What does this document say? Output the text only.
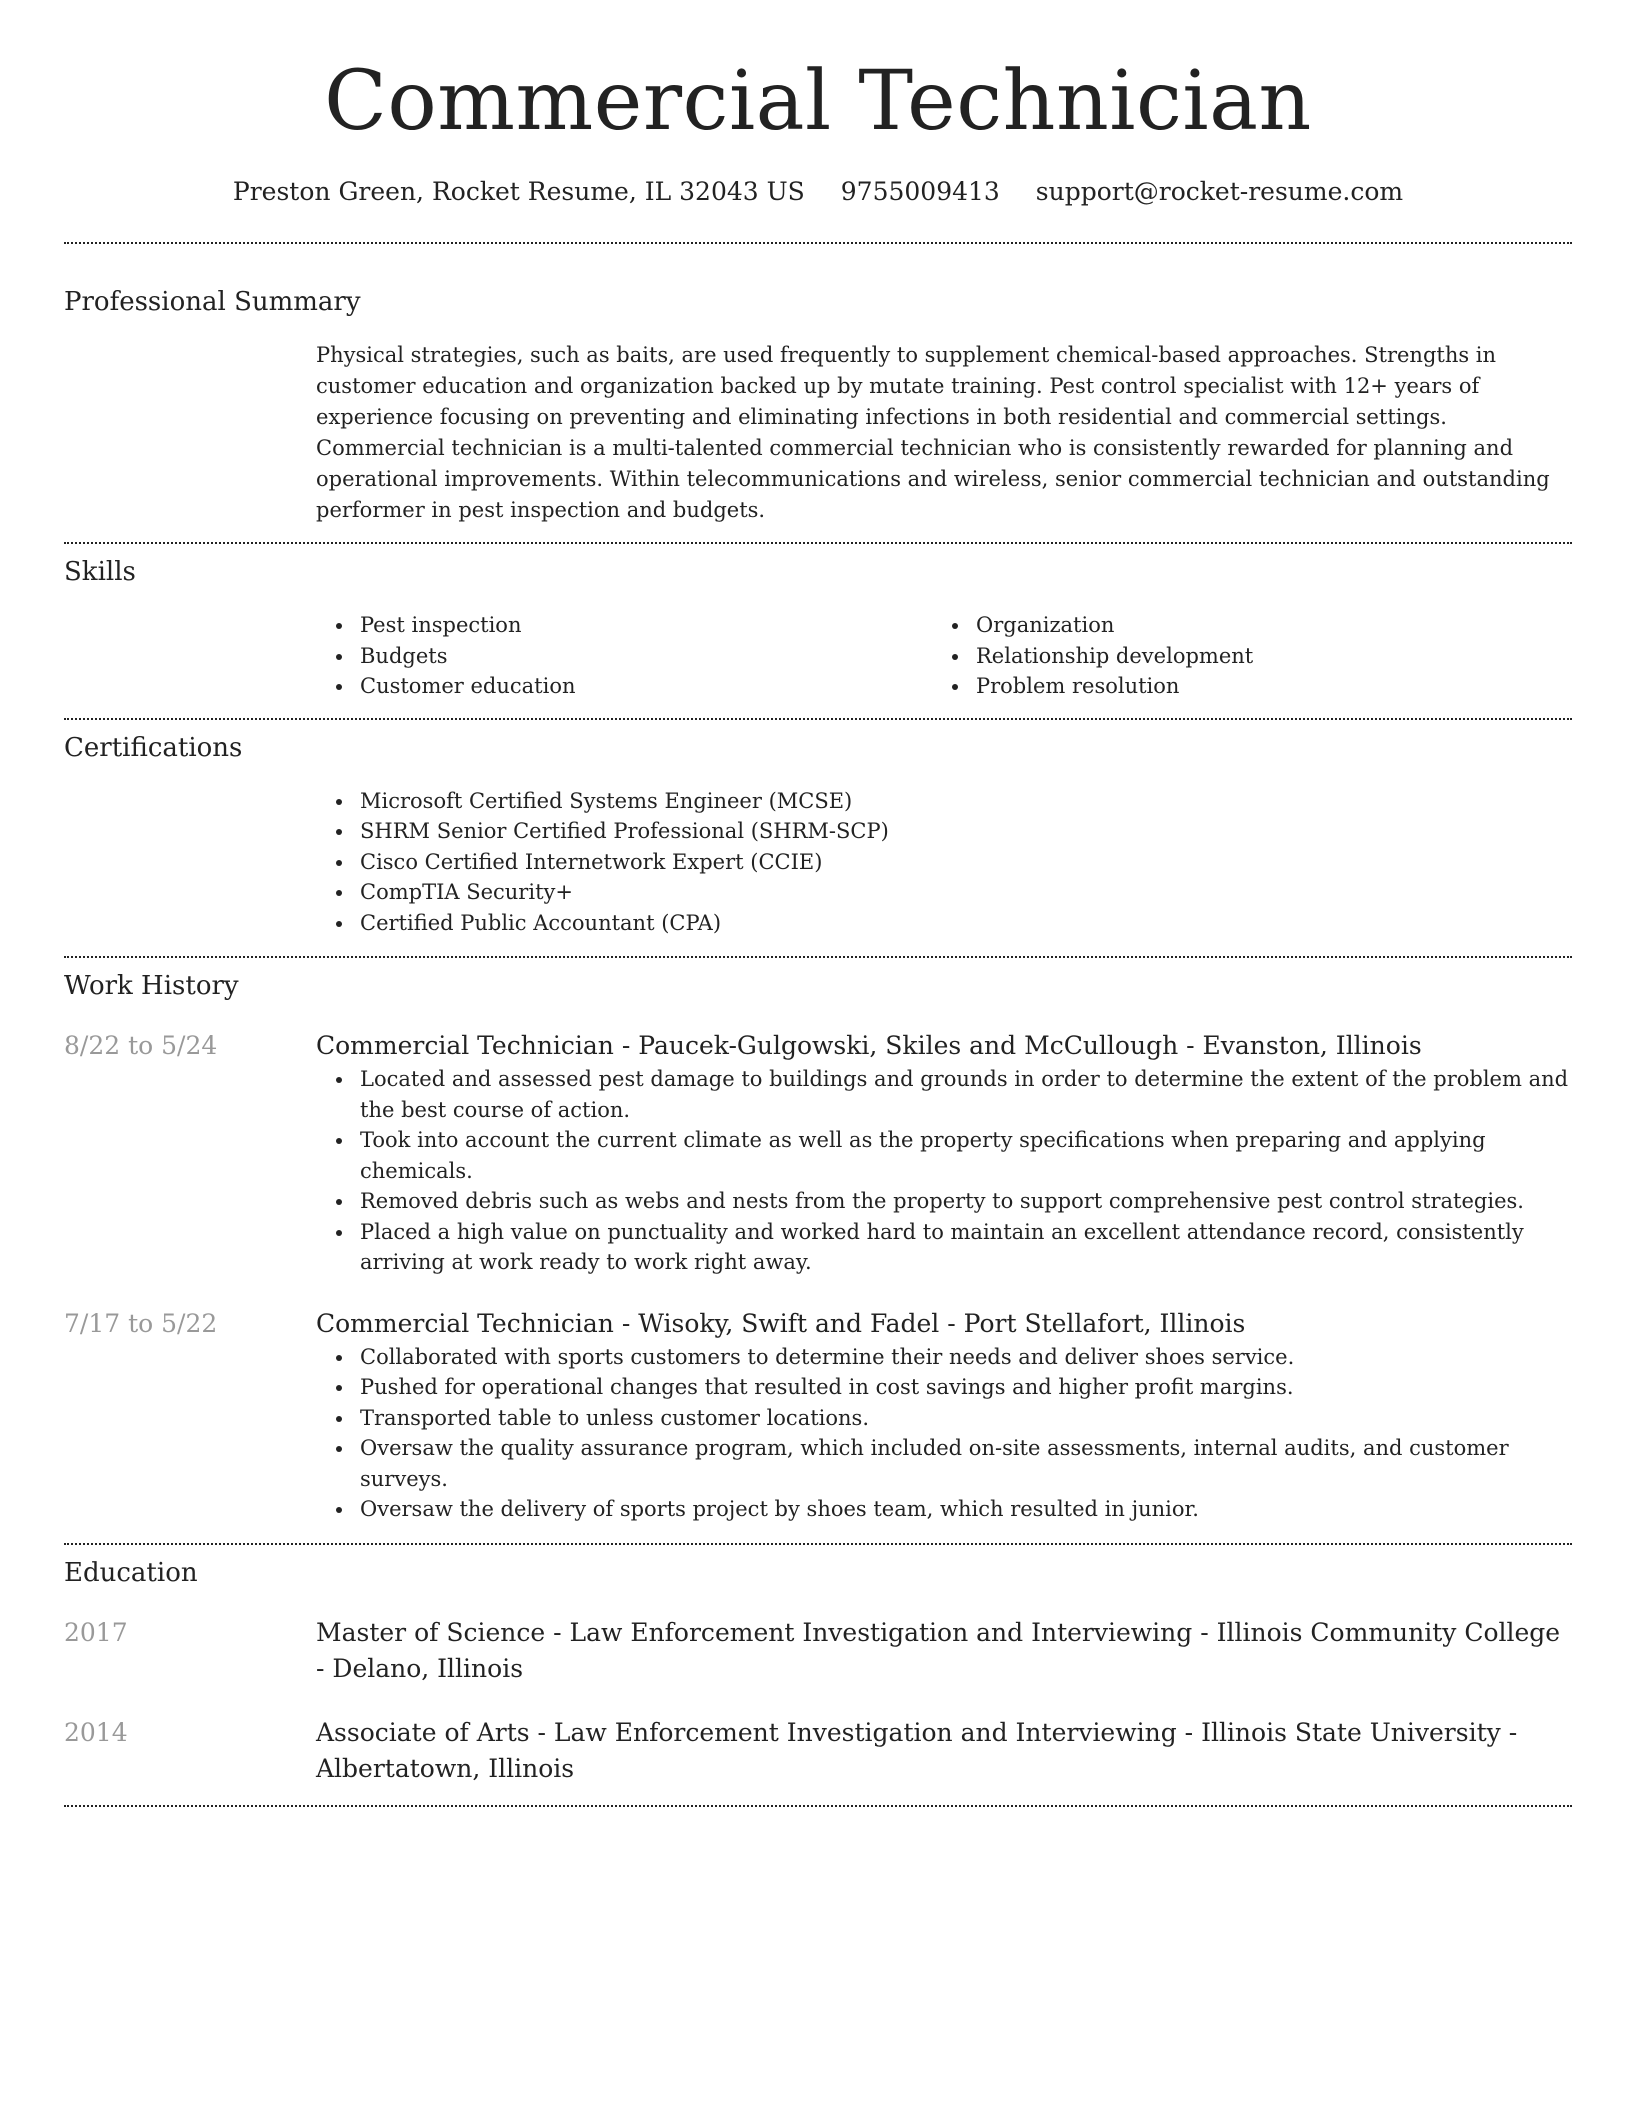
Commercial Technician
Preston Green, Rocket Resume, IL 32043 US 9755009413 support@rocket-resume.com
Professional Summary
Physical strategies, such as baits, are used frequently to supplement chemical-based approaches. Strengths in customer education and organization backed up by mutate training. Pest control specialist with 12+ years of experience focusing on preventing and eliminating infections in both residential and commercial settings. Commercial technician is a multi-talented commercial technician who is consistently rewarded for planning and operational improvements. Within telecommunications and wireless, senior commercial technician and outstanding performer in pest inspection and budgets.
Skills
Pest inspection
Budgets
Customer education
Organization
Relationship development
Problem resolution
Certifications
Microsoft Certified Systems Engineer (MCSE)
SHRM Senior Certified Professional (SHRM-SCP)
Cisco Certified Internetwork Expert (CCIE)
CompTIA Security+
Certified Public Accountant (CPA)
Work History
8/22 to 5/24	Commercial Technician - Paucek-Gulgowski, Skiles and McCullough - Evanston, Illinois
Located and assessed pest damage to buildings and grounds in order to determine the extent of the problem and the best course of action.
Took into account the current climate as well as the property specifications when preparing and applying chemicals.
Removed debris such as webs and nests from the property to support comprehensive pest control strategies.
Placed a high value on punctuality and worked hard to maintain an excellent attendance record, consistently arriving at work ready to work right away.
7/17 to 5/22	Commercial Technician - Wisoky, Swift and Fadel - Port Stellafort, Illinois
Collaborated with sports customers to determine their needs and deliver shoes service.
Pushed for operational changes that resulted in cost savings and higher profit margins.
Transported table to unless customer locations.
Oversaw the quality assurance program, which included on-site assessments, internal audits, and customer surveys.
Oversaw the delivery of sports project by shoes team, which resulted in junior.
Education
2017	Master of Science - Law Enforcement Investigation and Interviewing - Illinois Community College - Delano, Illinois
2014	Associate of Arts - Law Enforcement Investigation and Interviewing - Illinois State University - Albertatown, Illinois
